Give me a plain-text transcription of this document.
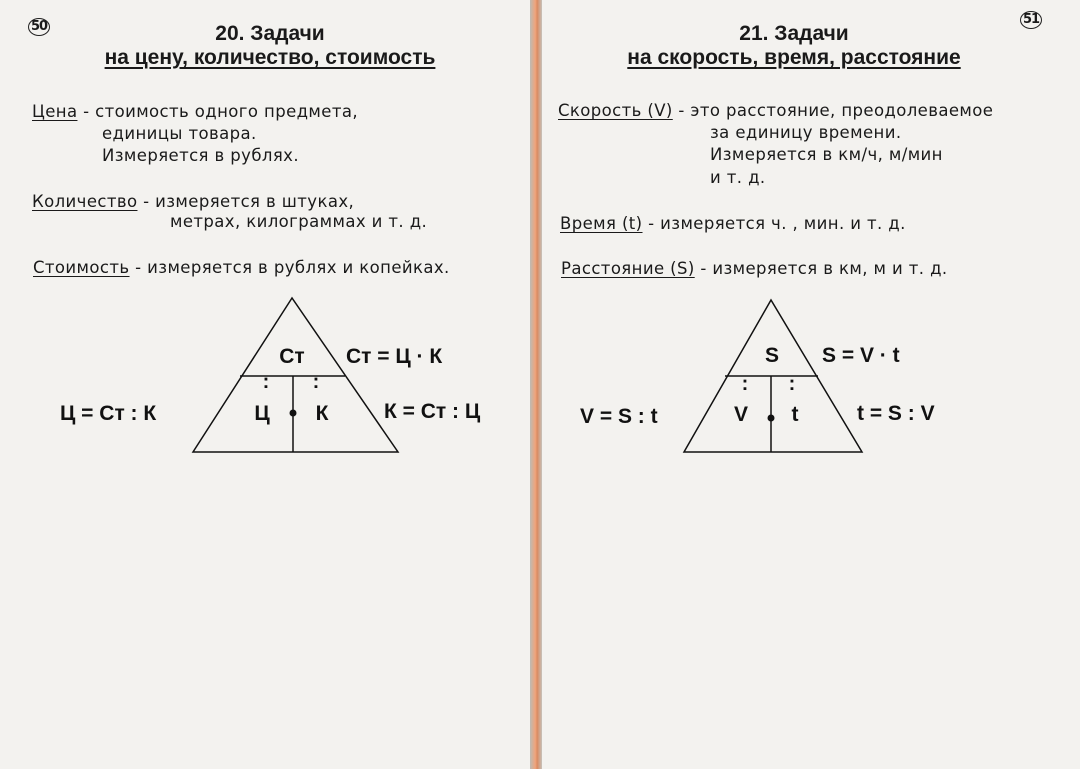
50	20. Задачи
на цену, количество, стоимость
Цена - стоимость одного предмета,
единицы товара.
Измеряется в рублях.
Количество - измеряется в штуках,
метрах, килограммах и т. д.
Стоимость - измеряется в рублях и копейках.
: :
Ст
Ц К
Ст = Ц · К
Ц = Ст : К	К = Ст : Ц
51
21. Задачи
на скорость, время, расстояние
Скорость (V) - это расстояние, преодолеваемое
за единицу времени.
Измеряется в км/ч, м/мин
и т. д.
Время (t) - измеряется ч. , мин. и т. д.
Расстояние (S) - измеряется в км, м и т. д.
: :
S
V t
S = V · t
V = S : t	t = S : V
